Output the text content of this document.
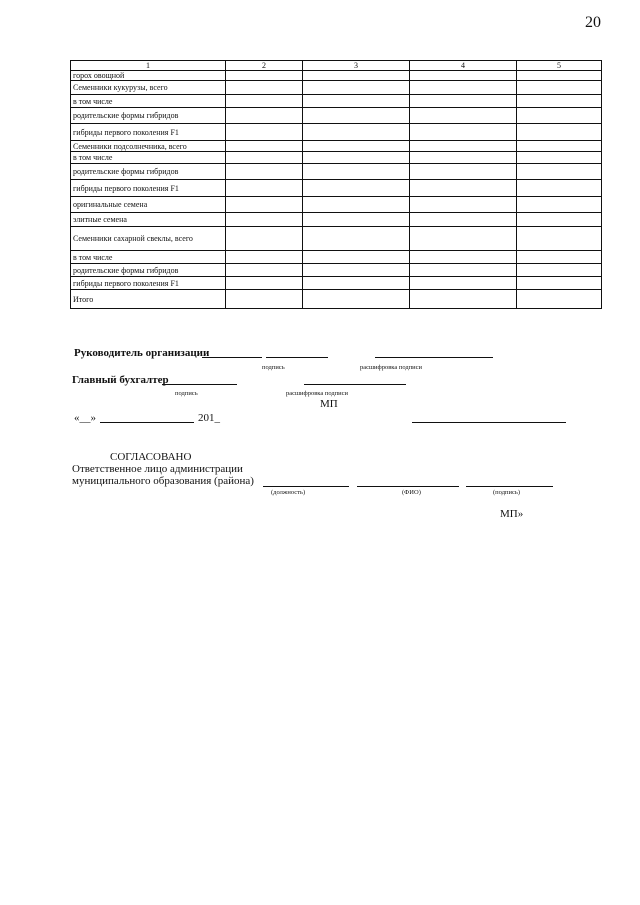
20
1	2	3	4	5
горох овощной				
Семенники кукурузы, всего				
в том числе				
родительские формы гибридов				
гибриды первого поколения F1				
Семенники подсолнечника, всего				
в том числе				
родительские формы гибридов				
гибриды первого поколения F1				
оригинальные семена				
элитные семена				
Семенники сахарной свеклы, всего				
в том числе				
родительские формы гибридов				
гибриды первого поколения F1				
Итого				
Руководитель организации
подпись	расшифровка подписи
Главный бухгалтер
подпись	расшифровка подписи
МП
«__»	201_
СОГЛАСОВАНО
Ответственное лицо администрации
муниципального образования (района)
(должность)	(ФИО)	(подпись)
МП»
